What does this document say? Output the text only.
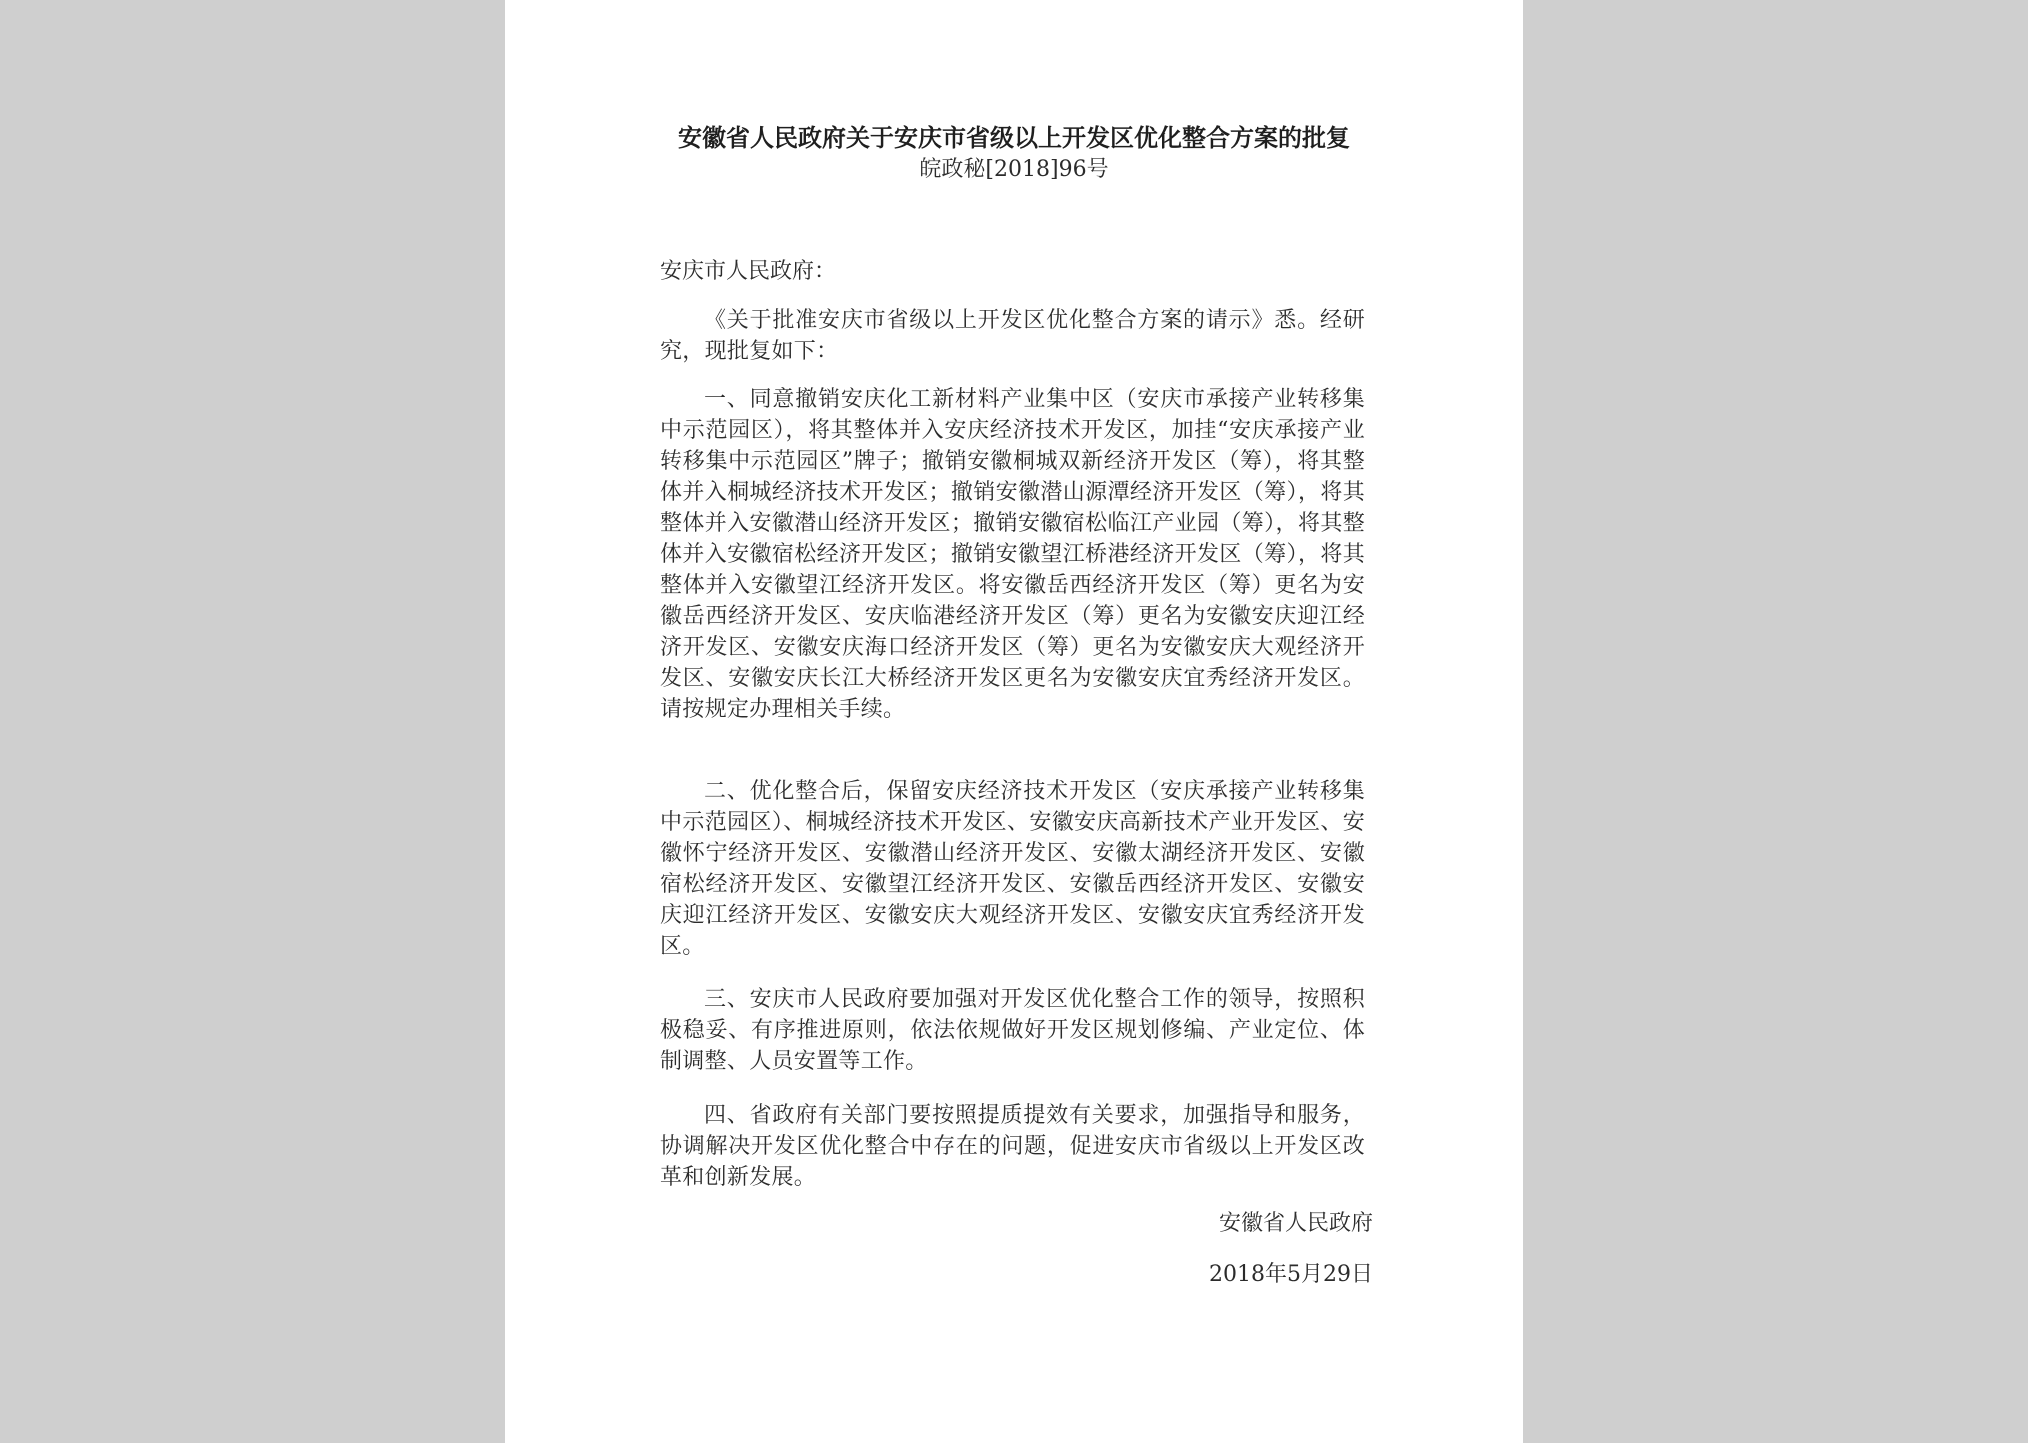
安徽省人民政府关于安庆市省级以上开发区优化整合方案的批复
皖政秘[2018]96号
安庆市人民政府：
《关于批准安庆市省级以上开发区优化整合方案的请示》悉。经研究，现批复如下：
一、同意撤销安庆化工新材料产业集中区（安庆市承接产业转移集中示范园区），将其整体并入安庆经济技术开发区，加挂“安庆承接产业转移集中示范园区”牌子；撤销安徽桐城双新经济开发区（筹），将其整体并入桐城经济技术开发区；撤销安徽潜山源潭经济开发区（筹），将其整体并入安徽潜山经济开发区；撤销安徽宿松临江产业园（筹），将其整体并入安徽宿松经济开发区；撤销安徽望江桥港经济开发区（筹），将其整体并入安徽望江经济开发区。将安徽岳西经济开发区（筹）更名为安徽岳西经济开发区、安庆临港经济开发区（筹）更名为安徽安庆迎江经济开发区、安徽安庆海口经济开发区（筹）更名为安徽安庆大观经济开发区、安徽安庆长江大桥经济开发区更名为安徽安庆宜秀经济开发区。请按规定办理相关手续。
二、优化整合后，保留安庆经济技术开发区（安庆承接产业转移集中示范园区）、桐城经济技术开发区、安徽安庆高新技术产业开发区、安徽怀宁经济开发区、安徽潜山经济开发区、安徽太湖经济开发区、安徽宿松经济开发区、安徽望江经济开发区、安徽岳西经济开发区、安徽安庆迎江经济开发区、安徽安庆大观经济开发区、安徽安庆宜秀经济开发区。
三、安庆市人民政府要加强对开发区优化整合工作的领导，按照积极稳妥、有序推进原则，依法依规做好开发区规划修编、产业定位、体制调整、人员安置等工作。
四、省政府有关部门要按照提质提效有关要求，加强指导和服务，协调解决开发区优化整合中存在的问题，促进安庆市省级以上开发区改革和创新发展。
安徽省人民政府
2018年5月29日
